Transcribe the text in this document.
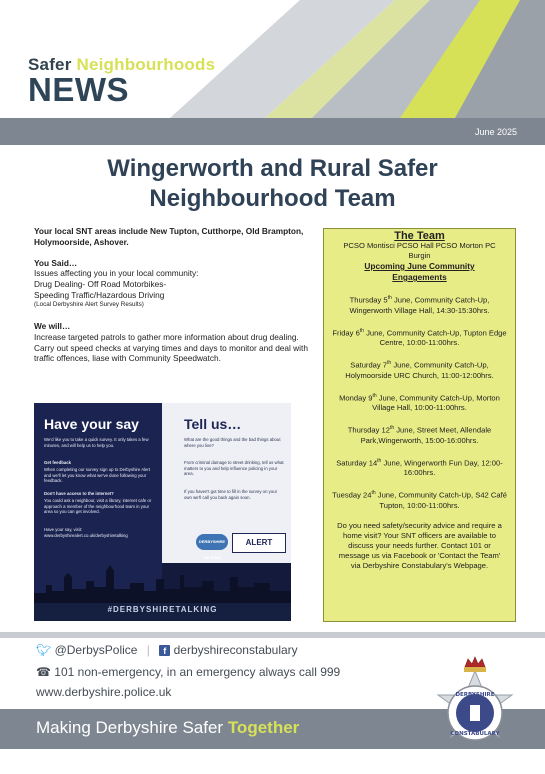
Safer Neighbourhoods
NEWS
June 2025
Wingerworth and Rural Safer
Neighbourhood Team

Your local SNT areas include New Tupton, Cutthorpe, Old Brampton, Holymoorside, Ashover.

You Said…

Issues affecting you in your local community:

Drug Dealing- Off Road Motorbikes-

Speeding Traffic/Hazardous Driving

(Local Derbyshire Alert Survey Results)

We will…

Increase targeted patrols to gather more information about drug dealing.

Carry out speed checks at varying times and days to monitor and deal with traffic offences, liase with Community Speedwatch.

Have your say
We'd like you to take a quick survey. It only takes a few minutes, and will help us to help you.
Get feedback
When completing our survey sign up to Derbyshire Alert and we'll let you know what we've done following your feedback.
Don't have access to the internet?
You could ask a neighbour, visit a library, internet cafe or approach a member of the neighbourhood team in your area so you can get involved.
Have your say, visit:
www.derbyshirealert.co.uk/derbyshiretalking
Tell us…
What are the good things and the bad things about where you live?
From criminal damage to street drinking, tell us what matters to you and help influence policing in your area.
If you haven't got time to fill in the survey on your own we'll call you back again soon.
DERBYSHIRE TALKING
ALERT
#DERBYSHIRETALKING

The Team

PCSO Montisci PCSO Hall PCSO Morton PC Burgin

Upcoming June Community Engagements

Thursday 5th June, Community Catch-Up, Wingerworth Village Hall, 14:30-15:30hrs.

Friday 6th June, Community Catch-Up, Tupton Edge Centre, 10:00-11:00hrs.

Saturday 7th June, Community Catch-Up, Holymoorside URC Church, 11:00-12:00hrs.

Monday 9th June, Community Catch-Up, Morton Village Hall, 10:00-11:00hrs.

Thursday 12th June, Street Meet, Allendale Park,Wingerworth, 15:00-16:00hrs.

Saturday 14th June, Wingerworth Fun Day, 12:00-16:00hrs.

Tuesday 24th June, Community Catch-Up, S42 Café Tupton, 10:00-11:00hrs.

Do you need safety/security advice and require a home visit? Your SNT officers are available to discuss your needs further. Contact 101 or message us via Facebook or 'Contact the Team' via Derbyshire Constabulary's Webpage.

🐦︎ @DerbysPolice | f derbyshireconstabulary
☎︎ 101 non-emergency, in an emergency always call 999
www.derbyshire.police.uk
Making Derbyshire Safer Together
DERBYSHIRE
CONSTABULARY
